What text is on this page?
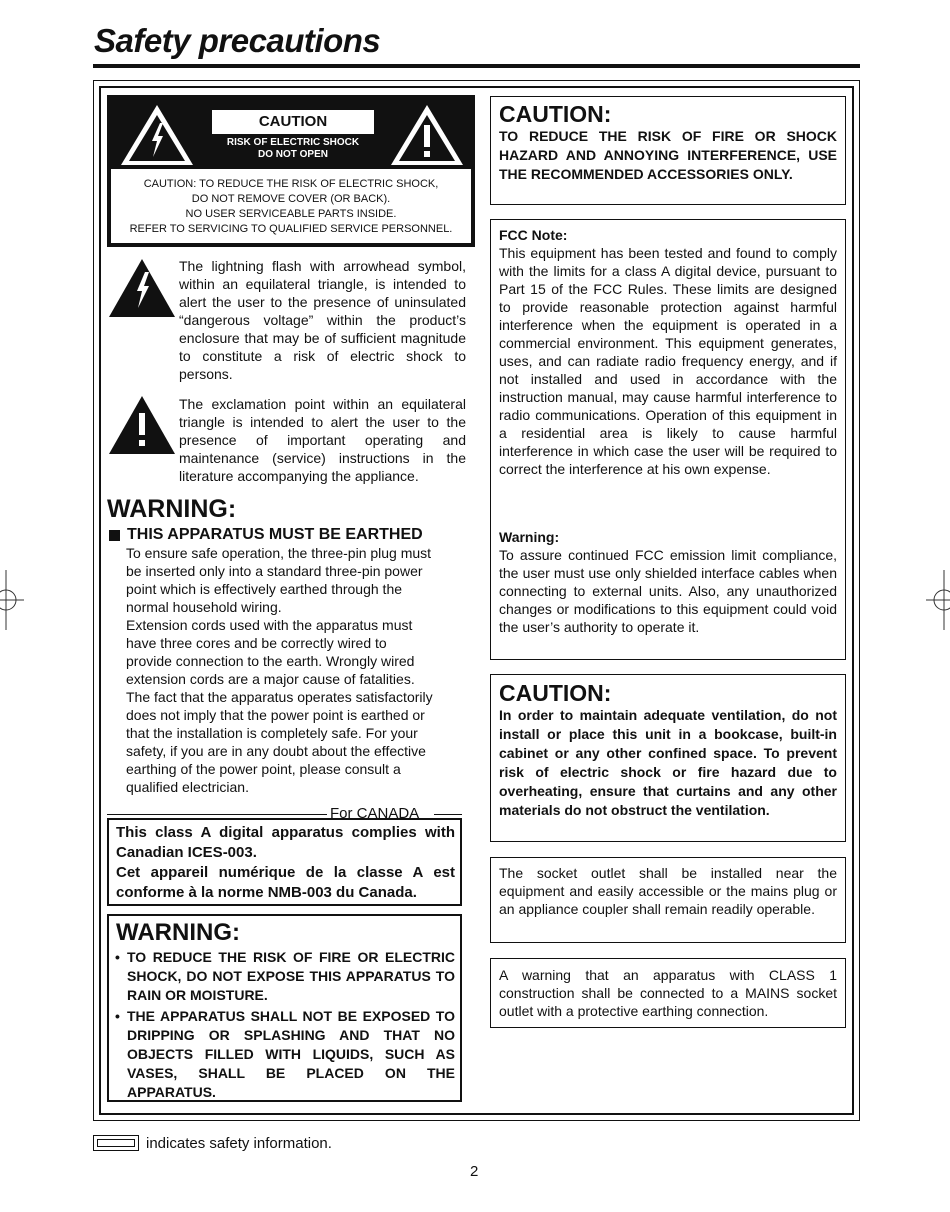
Safety precautions
CAUTION
RISK OF ELECTRIC SHOCK
DO NOT OPEN
CAUTION: TO REDUCE THE RISK OF ELECTRIC SHOCK,
DO NOT REMOVE COVER (OR BACK).
NO USER SERVICEABLE PARTS INSIDE.
REFER TO SERVICING TO QUALIFIED SERVICE PERSONNEL.
The lightning flash with arrowhead symbol, within an equilateral triangle, is intended to alert the user to the presence of uninsulated “dangerous voltage” within the product’s enclosure that may be of sufficient magnitude to constitute a risk of electric shock to persons.
The exclamation point within an equilateral triangle is intended to alert the user to the presence of important operating and maintenance (service) instructions in the literature accompanying the appliance.
WARNING:
THIS APPARATUS MUST BE EARTHED
To ensure safe operation, the three-pin plug must
be inserted only into a standard three-pin power
point which is effectively earthed through the
normal household wiring.
Extension cords used with the apparatus must
have three cores and be correctly wired to
provide connection to the earth. Wrongly wired
extension cords are a major cause of fatalities.
The fact that the apparatus operates satisfactorily
does not imply that the power point is earthed or
that the installation is completely safe. For your
safety, if you are in any doubt about the effective
earthing of the power point, please consult a
qualified electrician.
For CANADA
This class A digital apparatus complies with Canadian ICES-003.
Cet appareil numérique de la classe A est conforme à la norme NMB-003 du Canada.
WARNING:
• TO REDUCE THE RISK OF FIRE OR ELECTRIC SHOCK, DO NOT EXPOSE THIS APPARATUS TO RAIN OR MOISTURE.
• THE APPARATUS SHALL NOT BE EXPOSED TO DRIPPING OR SPLASHING AND THAT NO OBJECTS FILLED WITH LIQUIDS, SUCH AS VASES, SHALL BE PLACED ON THE APPARATUS.
CAUTION:
TO REDUCE THE RISK OF FIRE OR SHOCK HAZARD AND ANNOYING INTERFERENCE, USE THE RECOMMENDED ACCESSORIES ONLY.
FCC Note:
This equipment has been tested and found to comply with the limits for a class A digital device, pursuant to Part 15 of the FCC Rules. These limits are designed to provide reasonable protection against harmful interference when the equipment is operated in a commercial environment. This equipment generates, uses, and can radiate radio frequency energy, and if not installed and used in accordance with the instruction manual, may cause harmful interference to radio communications. Operation of this equipment in a residential area is likely to cause harmful interference in which case the user will be required to correct the interference at his own expense.
Warning:
To assure continued FCC emission limit compliance, the user must use only shielded interface cables when connecting to external units. Also, any unauthorized changes or modifications to this equipment could void the user’s authority to operate it.
CAUTION:
In order to maintain adequate ventilation, do not install or place this unit in a bookcase, built-in cabinet or any other confined space. To prevent risk of electric shock or fire hazard due to overheating, ensure that curtains and any other materials do not obstruct the ventilation.
The socket outlet shall be installed near the equipment and easily accessible or the mains plug or an appliance coupler shall remain readily operable.
A warning that an apparatus with CLASS 1 construction shall be connected to a MAINS socket outlet with a protective earthing connection.
indicates safety information.
2
